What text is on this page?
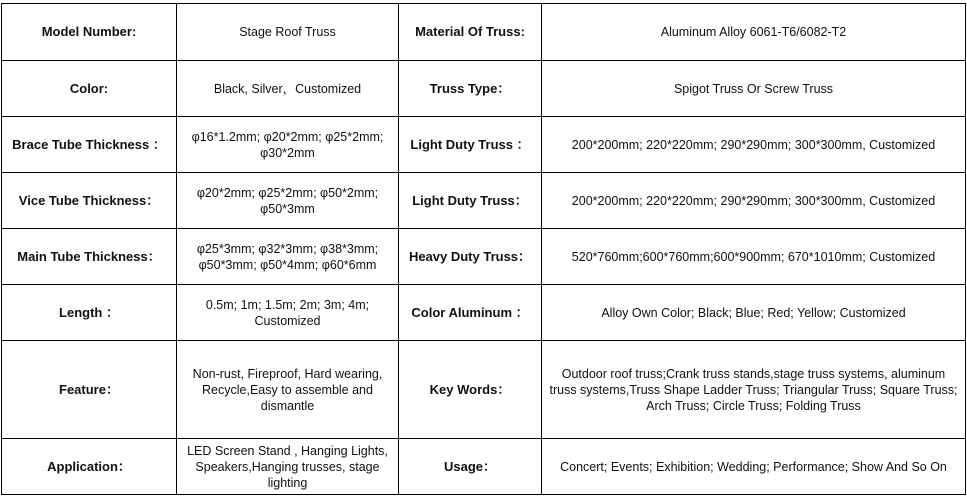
Model Number:	Stage Roof Truss	Material Of Truss:	Aluminum Alloy 6061-T6/6082-T2
Color:	Black, Silver，Customized	Truss Type：	Spigot Truss Or Screw Truss
Brace Tube Thickness ：	φ16*1.2mm; φ20*2mm; φ25*2mm; φ30*2mm	Light Duty Truss ：	200*200mm; 220*220mm; 290*290mm; 300*300mm, Customized
Vice Tube Thickness：	φ20*2mm; φ25*2mm; φ50*2mm; φ50*3mm	Light Duty Truss：	200*200mm; 220*220mm; 290*290mm; 300*300mm, Customized
Main Tube Thickness：	φ25*3mm; φ32*3mm; φ38*3mm; φ50*3mm; φ50*4mm; φ60*6mm	Heavy Duty Truss：	520*760mm;600*760mm;600*900mm; 670*1010mm; Customized
Length ：	0.5m; 1m; 1.5m; 2m; 3m; 4m; Customized	Color Aluminum ：	Alloy Own Color; Black; Blue; Red; Yellow; Customized
Feature：	Non-rust, Fireproof, Hard wearing, Recycle,Easy to assemble and dismantle	Key Words：	Outdoor roof truss;Crank truss stands,stage truss systems, aluminum truss systems,Truss Shape Ladder Truss; Triangular Truss; Square Truss; Arch Truss; Circle Truss; Folding Truss
Application：	LED Screen Stand , Hanging Lights, Speakers,Hanging trusses, stage lighting	Usage：	Concert; Events; Exhibition; Wedding; Performance; Show And So On
